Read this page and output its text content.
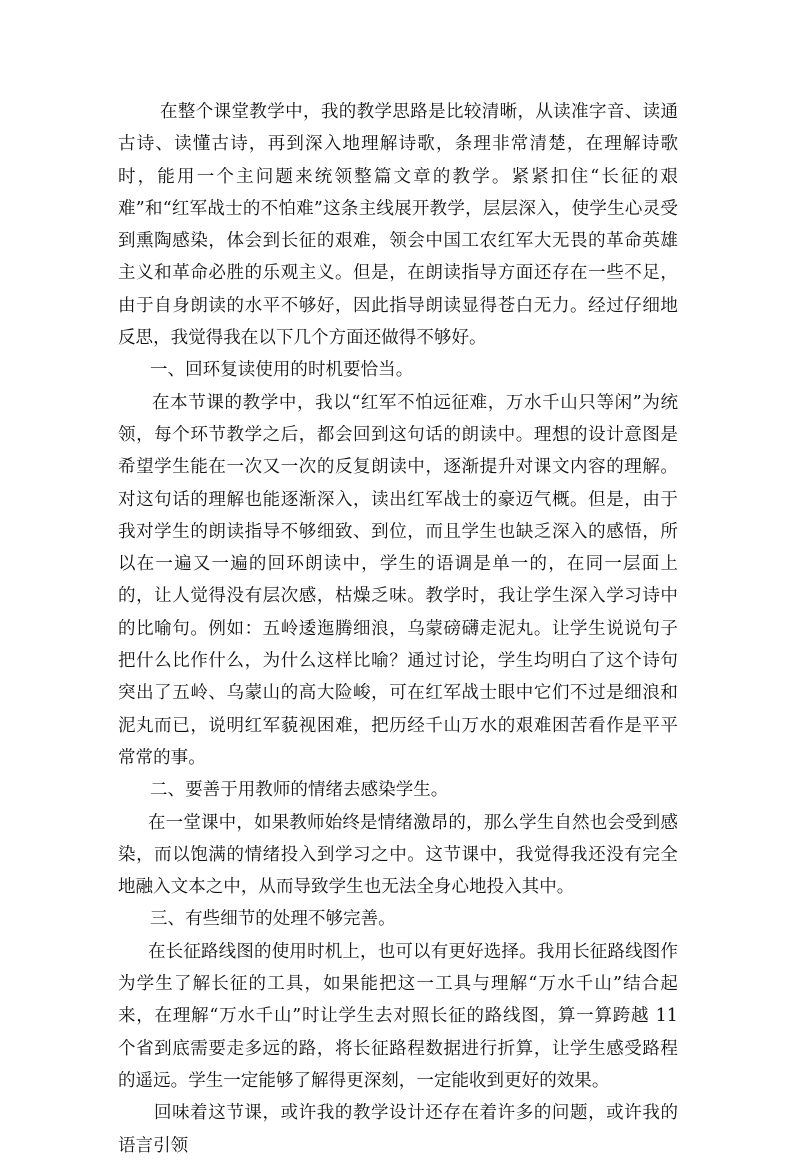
在整个课堂教学中，我的教学思路是比较清晰，从读准字音、读通古诗、读懂古诗，再到深入地理解诗歌，条理非常清楚，在理解诗歌时，能用一个主问题来统领整篇文章的教学。紧紧扣住“长征的艰难”和“红军战士的不怕难”这条主线展开教学，层层深入，使学生心灵受到熏陶感染，体会到长征的艰难，领会中国工农红军大无畏的革命英雄主义和革命必胜的乐观主义。但是，在朗读指导方面还存在一些不足，由于自身朗读的水平不够好，因此指导朗读显得苍白无力。经过仔细地反思，我觉得我在以下几个方面还做得不够好。

一、回环复读使用的时机要恰当。

在本节课的教学中，我以“红军不怕远征难，万水千山只等闲”为统领，每个环节教学之后，都会回到这句话的朗读中。理想的设计意图是希望学生能在一次又一次的反复朗读中，逐渐提升对课文内容的理解。对这句话的理解也能逐渐深入，读出红军战士的豪迈气概。但是，由于我对学生的朗读指导不够细致、到位，而且学生也缺乏深入的感悟，所以在一遍又一遍的回环朗读中，学生的语调是单一的，在同一层面上的，让人觉得没有层次感，枯燥乏味。教学时，我让学生深入学习诗中的比喻句。例如：五岭逶迤腾细浪，乌蒙磅礴走泥丸。让学生说说句子把什么比作什么，为什么这样比喻？通过讨论，学生均明白了这个诗句突出了五岭、乌蒙山的高大险峻，可在红军战士眼中它们不过是细浪和泥丸而已，说明红军藐视困难，把历经千山万水的艰难困苦看作是平平常常的事。

二、要善于用教师的情绪去感染学生。

在一堂课中，如果教师始终是情绪激昂的，那么学生自然也会受到感染，而以饱满的情绪投入到学习之中。这节课中，我觉得我还没有完全地融入文本之中，从而导致学生也无法全身心地投入其中。

三、有些细节的处理不够完善。

在长征路线图的使用时机上，也可以有更好选择。我用长征路线图作为学生了解长征的工具，如果能把这一工具与理解“万水千山”结合起来，在理解“万水千山”时让学生去对照长征的路线图，算一算跨越 11 个省到底需要走多远的路，将长征路程数据进行折算，让学生感受路程的遥远。学生一定能够了解得更深刻，一定能收到更好的效果。

回味着这节课，或许我的教学设计还存在着许多的问题，或许我的语言引领
